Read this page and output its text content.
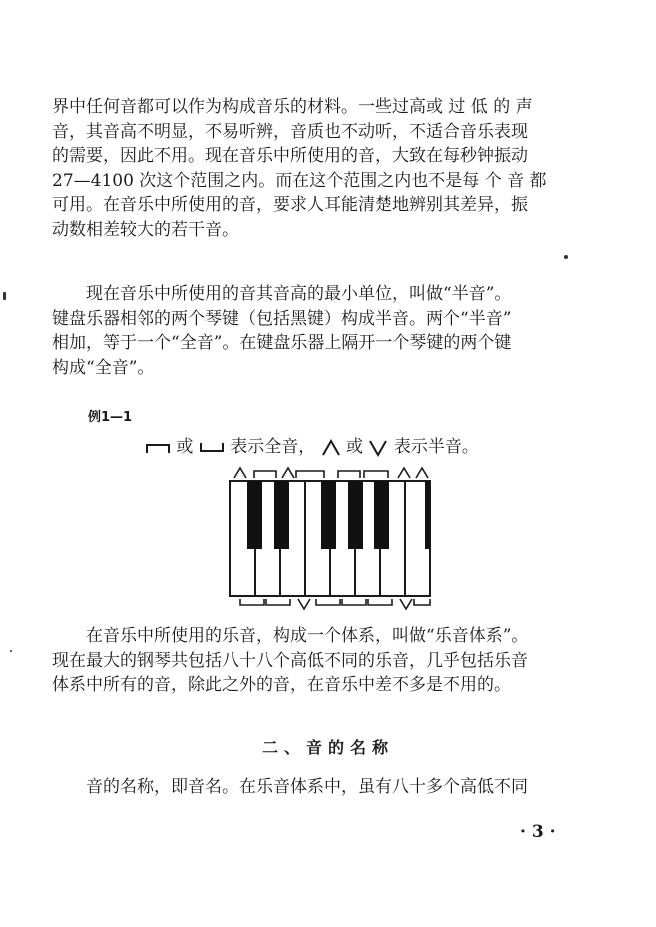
界中任何音都可以作为构成音乐的材料。一些过高或 过 低 的 声
音，其音高不明显，不易听辨，音质也不动听，不适合音乐表现
的需要，因此不用。现在音乐中所使用的音，大致在每秒钟振动
27—4100 次这个范围之内。而在这个范围之内也不是每 个 音 都
可用。在音乐中所使用的音，要求人耳能清楚地辨别其差异，振
动数相差较大的若干音。
现在音乐中所使用的音其音高的最小单位，叫做“半音”。
键盘乐器相邻的两个琴键（包括黑键）构成半音。两个“半音”
相加，等于一个“全音”。在键盘乐器上隔开一个琴键的两个键
构成“全音”。
例1—1
或 表示全音， 或 表示半音。
在音乐中所使用的乐音，构成一个体系，叫做“乐音体系”。
现在最大的钢琴共包括八十八个高低不同的乐音，几乎包括乐音
体系中所有的音，除此之外的音，在音乐中差不多是不用的。
二、音的名称
音的名称，即音名。在乐音体系中，虽有八十多个高低不同
· 3 ·
